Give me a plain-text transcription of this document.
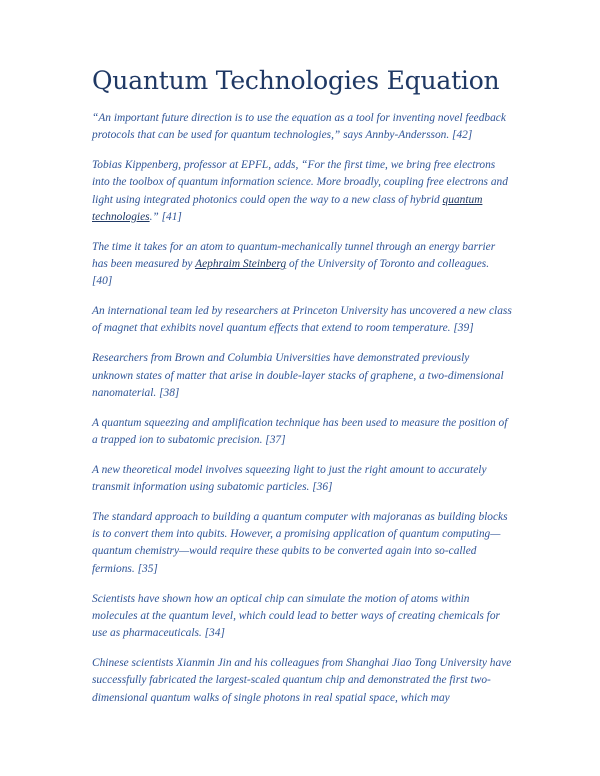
Quantum Technologies Equation

“An important future direction is to use the equation as a tool for inventing novel feedback protocols that can be used for quantum technologies,” says Annby-Andersson. [42]

Tobias Kippenberg, professor at EPFL, adds, “For the first time, we bring free electrons into the toolbox of quantum information science. More broadly, coupling free electrons and light using integrated photonics could open the way to a new class of hybrid quantum technologies.” [41]

The time it takes for an atom to quantum-mechanically tunnel through an energy barrier has been measured by Aephraim Steinberg of the University of Toronto and colleagues. [40]

An international team led by researchers at Princeton University has uncovered a new class of magnet that exhibits novel quantum effects that extend to room temperature. [39]

Researchers from Brown and Columbia Universities have demonstrated previously unknown states of matter that arise in double-layer stacks of graphene, a two-dimensional nanomaterial. [38]

A quantum squeezing and amplification technique has been used to measure the position of a trapped ion to subatomic precision. [37]

A new theoretical model involves squeezing light to just the right amount to accurately transmit information using subatomic particles. [36]

The standard approach to building a quantum computer with majoranas as building blocks is to convert them into qubits. However, a promising application of quantum computing—quantum chemistry—would require these qubits to be converted again into so-called fermions. [35]

Scientists have shown how an optical chip can simulate the motion of atoms within molecules at the quantum level, which could lead to better ways of creating chemicals for use as pharmaceuticals. [34]

Chinese scientists Xianmin Jin and his colleagues from Shanghai Jiao Tong University have successfully fabricated the largest-scaled quantum chip and demonstrated the first two-dimensional quantum walks of single photons in real spatial space, which may
